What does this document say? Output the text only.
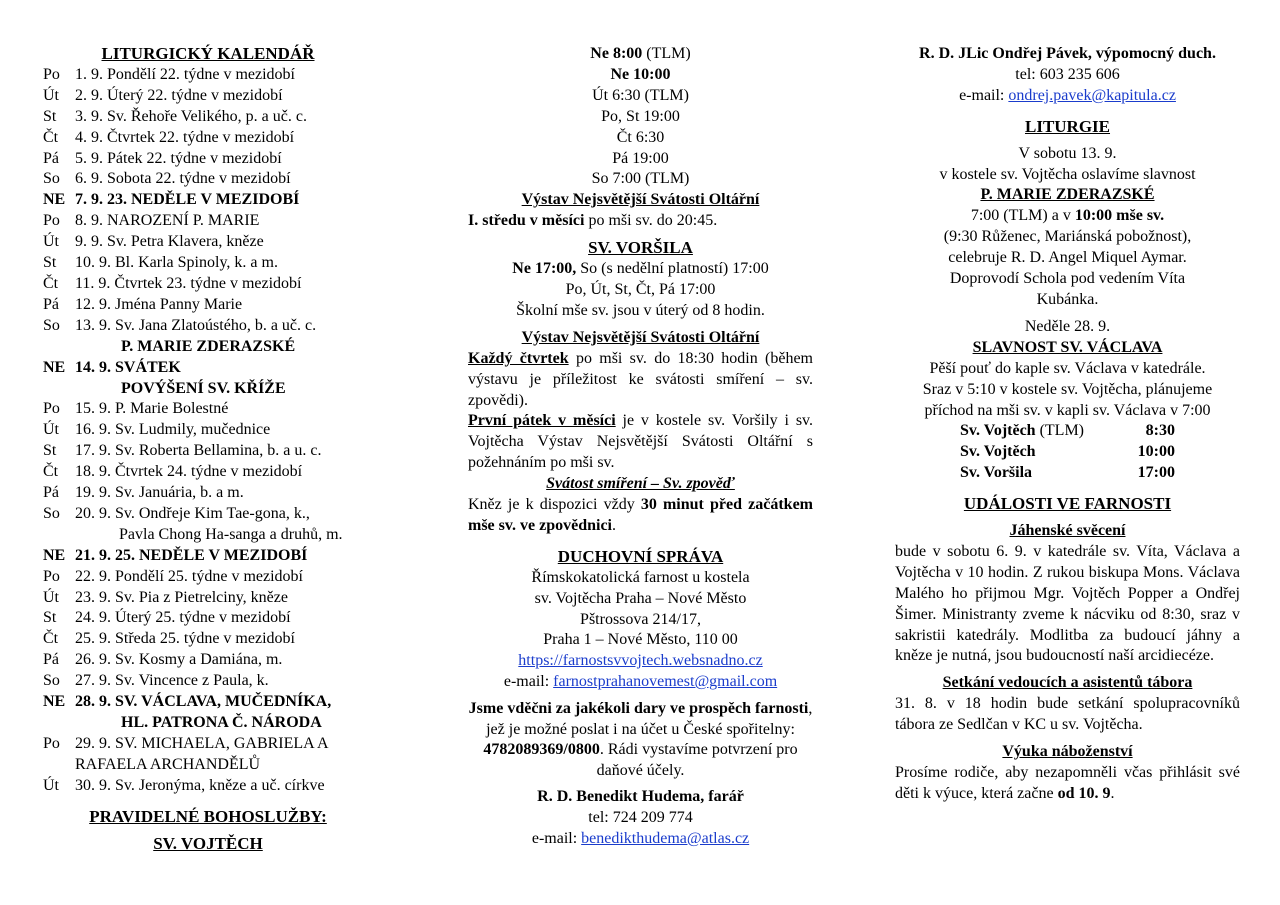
LITURGICKÝ KALENDÁŘ
Po 1. 9. Pondělí 22. týdne v mezidobí
Út	2. 9. Úterý 22. týdne v mezidobí
St	3. 9. Sv. Řehoře Velikého, p. a uč. c.
Čt	4. 9. Čtvrtek 22. týdne v mezidobí
Pá	5. 9. Pátek 22. týdne v mezidobí
So 6. 9. Sobota 22. týdne v mezidobí
NE 7. 9. 23. NEDĚLE V MEZIDOBÍ
Po 8. 9. NAROZENÍ P. MARIE
Út	9. 9. Sv. Petra Klavera, kněze
St	10. 9. Bl. Karla Spinoly, k. a m.
Čt	11. 9. Čtvrtek 23. týdne v mezidobí
Pá	12. 9. Jména Panny Marie
So 13. 9. Sv. Jana Zlatoústého, b. a uč. c.
P. MARIE ZDERAZSKÉ
NE 14. 9. SVÁTEK
POVÝŠENÍ SV. KŘÍŽE
Po 15. 9. P. Marie Bolestné
Út	16. 9. Sv. Ludmily, mučednice
St	17. 9. Sv. Roberta Bellamina, b. a u. c.
Čt	18. 9. Čtvrtek 24. týdne v mezidobí
Pá	19. 9. Sv. Januária, b. a m.
So 20. 9. Sv. Ondřeje Kim Tae-gona, k.,
Pavla Chong Ha-sanga a druhů, m.
NE 21. 9. 25. NEDĚLE V MEZIDOBÍ
Po 22. 9. Pondělí 25. týdne v mezidobí
Út	23. 9. Sv. Pia z Pietrelciny, kněze
St	24. 9. Úterý 25. týdne v mezidobí
Čt	25. 9. Středa 25. týdne v mezidobí
Pá	26. 9. Sv. Kosmy a Damiána, m.
So 27. 9. Sv. Vincence z Paula, k.
NE 28. 9. SV. VÁCLAVA, MUČEDNÍKA,
HL. PATRONA Č. NÁRODA
Po 29. 9. SV. MICHAELA, GABRIELA A
RAFAELA ARCHANDĚLŮ
Út	30. 9. Sv. Jeronýma, kněze a uč. církve
PRAVIDELNÉ BOHOSLUŽBY:
SV. VOJTĚCH
Ne 8:00 (TLM)
Ne 10:00
Út 6:30 (TLM)
Po, St 19:00
Čt 6:30
Pá 19:00
So 7:00 (TLM)
Výstav Nejsvětější Svátosti Oltářní
I. středu v měsíci po mši sv. do 20:45.
SV. VORŠILA
Ne 17:00, So (s nedělní platností) 17:00
Po, Út, St, Čt, Pá 17:00
Školní mše sv. jsou v úterý od 8 hodin.
Výstav Nejsvětější Svátosti Oltářní
Každý čtvrtek po mši sv. do 18:30 hodin (během výstavu je příležitost ke svátosti smíření – sv. zpovědi).
První pátek v měsíci je v kostele sv. Voršily i sv. Vojtěcha Výstav Nejsvětější Svátosti Oltářní s požehnáním po mši sv.
Svátost smíření – Sv. zpověď
Kněz je k dispozici vždy 30 minut před začátkem mše sv. ve zpovědnici.
DUCHOVNÍ SPRÁVA
Římskokatolická farnost u kostela
sv. Vojtěcha Praha – Nové Město
Pštrossova 214/17,
Praha 1 – Nové Město, 110 00
https://farnostsvvojtech.websnadno.cz
e-mail: farnostprahanovemest@gmail.com
Jsme vděčni za jakékoli dary ve prospěch farnosti, jež je možné poslat i na účet u České spořitelny: 4782089369/0800. Rádi vystavíme potvrzení pro daňové účely.
R. D. Benedikt Hudema, farář
tel: 724 209 774
e-mail: benedikthudema@atlas.cz
R. D. JLic Ondřej Pávek, výpomocný duch.
tel: 603 235 606
e-mail: ondrej.pavek@kapitula.cz
LITURGIE
V sobotu 13. 9.
v kostele sv. Vojtěcha oslavíme slavnost
P. MARIE ZDERAZSKÉ
7:00 (TLM) a v 10:00 mše sv.
(9:30 Růženec, Mariánská pobožnost),
celebruje R. D. Angel Miquel Aymar.
Doprovodí Schola pod vedením Víta
Kubánka.
Neděle 28. 9.
SLAVNOST SV. VÁCLAVA
Pěší pouť do kaple sv. Václava v katedrále.
Sraz v 5:10 v kostele sv. Vojtěcha, plánujeme
příchod na mši sv. v kapli sv. Václava v 7:00
Sv. Vojtěch (TLM)	8:30
Sv. Vojtěch	10:00
Sv. Voršila	17:00
UDÁLOSTI VE FARNOSTI
Jáhenské svěcení
bude v sobotu 6. 9. v katedrále sv. Víta, Václava a Vojtěcha v 10 hodin. Z rukou biskupa Mons. Václava Malého ho přijmou Mgr. Vojtěch Popper a Ondřej Šimer. Ministranty zveme k nácviku od 8:30, sraz v sakristii katedrály. Modlitba za budoucí jáhny a kněze je nutná, jsou budoucností naší arcidiecéze.
Setkání vedoucích a asistentů tábora
31. 8. v 18 hodin bude setkání spolupracovníků tábora ze Sedlčan v KC u sv. Vojtěcha.
Výuka náboženství
Prosíme rodiče, aby nezapomněli včas přihlásit své děti k výuce, která začne od 10. 9.
